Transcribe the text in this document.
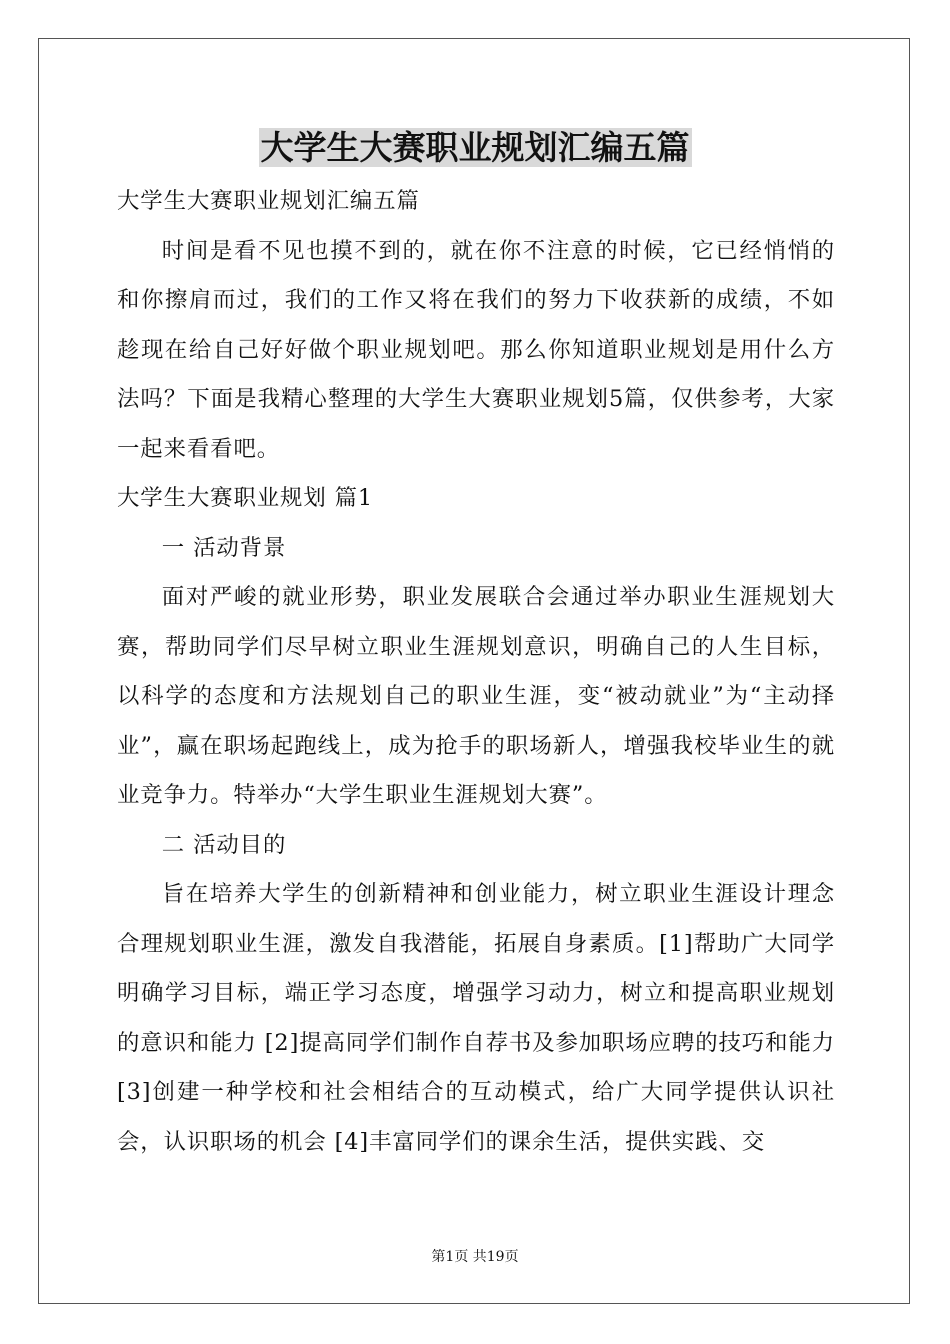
大学生大赛职业规划汇编五篇

大学生大赛职业规划汇编五篇

时间是看不见也摸不到的，就在你不注意的时候，它已经悄悄的和你擦肩而过，我们的工作又将在我们的努力下收获新的成绩，不如趁现在给自己好好做个职业规划吧。那么你知道职业规划是用什么方法吗？下面是我精心整理的大学生大赛职业规划5篇，仅供参考，大家一起来看看吧。

大学生大赛职业规划 篇1

一 活动背景

面对严峻的就业形势，职业发展联合会通过举办职业生涯规划大赛，帮助同学们尽早树立职业生涯规划意识，明确自己的人生目标，以科学的态度和方法规划自己的职业生涯，变“被动就业”为“主动择业”，赢在职场起跑线上，成为抢手的职场新人，增强我校毕业生的就业竞争力。特举办“大学生职业生涯规划大赛”。

二 活动目的

旨在培养大学生的创新精神和创业能力，树立职业生涯设计理念合理规划职业生涯，激发自我潜能，拓展自身素质。[1]帮助广大同学明确学习目标，端正学习态度，增强学习动力，树立和提高职业规划的意识和能力 [2]提高同学们制作自荐书及参加职场应聘的技巧和能力 [3]创建一种学校和社会相结合的互动模式，给广大同学提供认识社会，认识职场的机会 [4]丰富同学们的课余生活，提供实践、交

第1页 共19页
